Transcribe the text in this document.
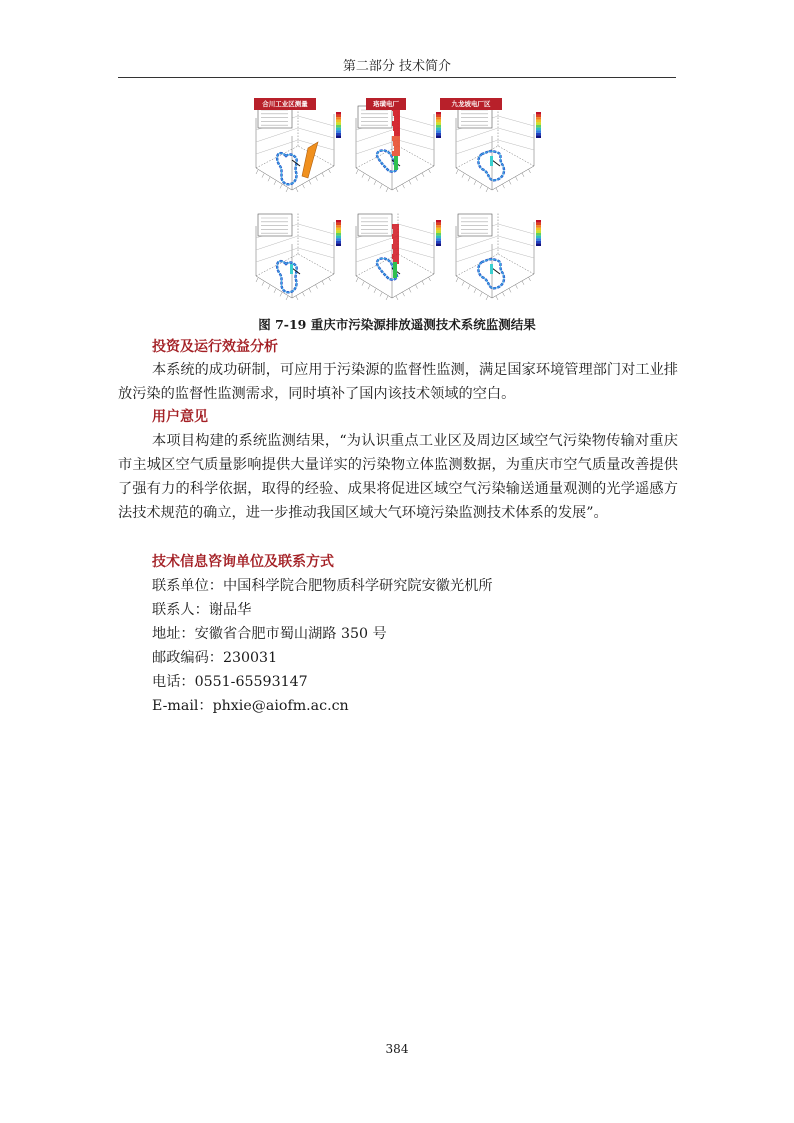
第二部分 技术简介
合川工业区测量	珞璜电厂	九龙坡电厂区
图 7-19 重庆市污染源排放遥测技术系统监测结果
投资及运行效益分析
本系统的成功研制，可应用于污染源的监督性监测，满足国家环境管理部门对工业排放污染的监督性监测需求，同时填补了国内该技术领域的空白。
用户意见
本项目构建的系统监测结果，“为认识重点工业区及周边区域空气污染物传输对重庆市主城区空气质量影响提供大量详实的污染物立体监测数据，为重庆市空气质量改善提供了强有力的科学依据，取得的经验、成果将促进区域空气污染输送通量观测的光学遥感方法技术规范的确立，进一步推动我国区域大气环境污染监测技术体系的发展”。
技术信息咨询单位及联系方式
联系单位：中国科学院合肥物质科学研究院安徽光机所
联系人：谢品华
地址：安徽省合肥市蜀山湖路 350 号
邮政编码：230031
电话：0551-65593147
E-mail：phxie@aiofm.ac.cn
384
